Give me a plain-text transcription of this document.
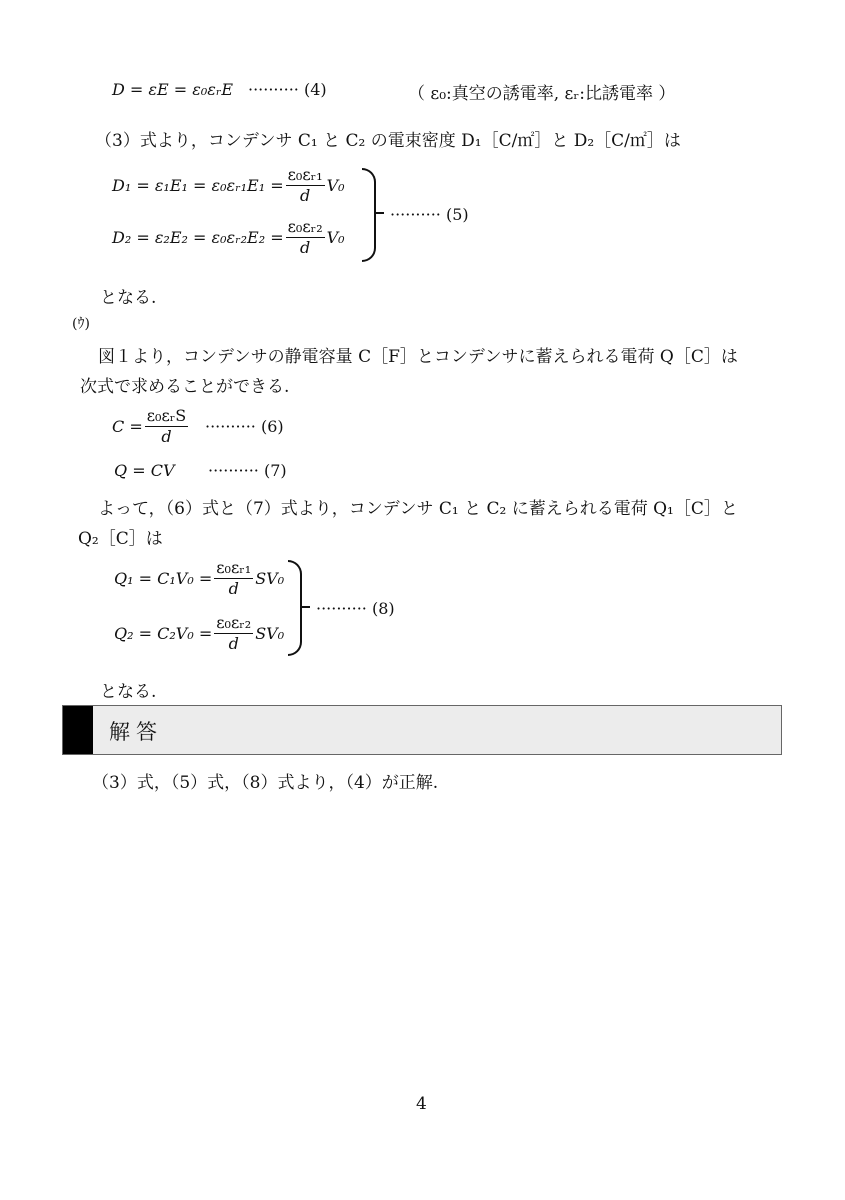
D = εE = ε₀εᵣE ·········· (4)	（ ε₀:真空の誘電率, εᵣ:比誘電率 ）
（3）式より，コンデンサ C₁ と C₂ の電束密度 D₁［C/㎡］と D₂［C/㎡］は
D₁ = ε₁E₁ = ε₀εᵣ₁E₁ = $\frac{\text{ε₀εᵣ₁}}{d} V_0$
D₂ = ε₂E₂ = ε₀εᵣ₂E₂ = $\frac{\text{ε₀εᵣ₂}}{d} V_0$
·········· (5)
となる.
(ｳ)
図１より，コンデンサの静電容量 C［F］とコンデンサに蓄えられる電荷 Q［C］は
次式で求めることができる.
$C = \frac{\text{ε₀εᵣS}}{d}$ ·········· (6)
Q = CV ·········· (7)
よって，（6）式と（7）式より，コンデンサ C₁ と C₂ に蓄えられる電荷 Q₁［C］と
Q₂［C］は
$Q_1 = C_1V_0 = \frac{\text{ε₀εᵣ₁}}{d} SV_0$
$Q_2 = C_2V_0 = \frac{\text{ε₀εᵣ₂}}{d} SV_0$
·········· (8)
となる.
解答
（3）式，（5）式，（8）式より，（4）が正解.
4
